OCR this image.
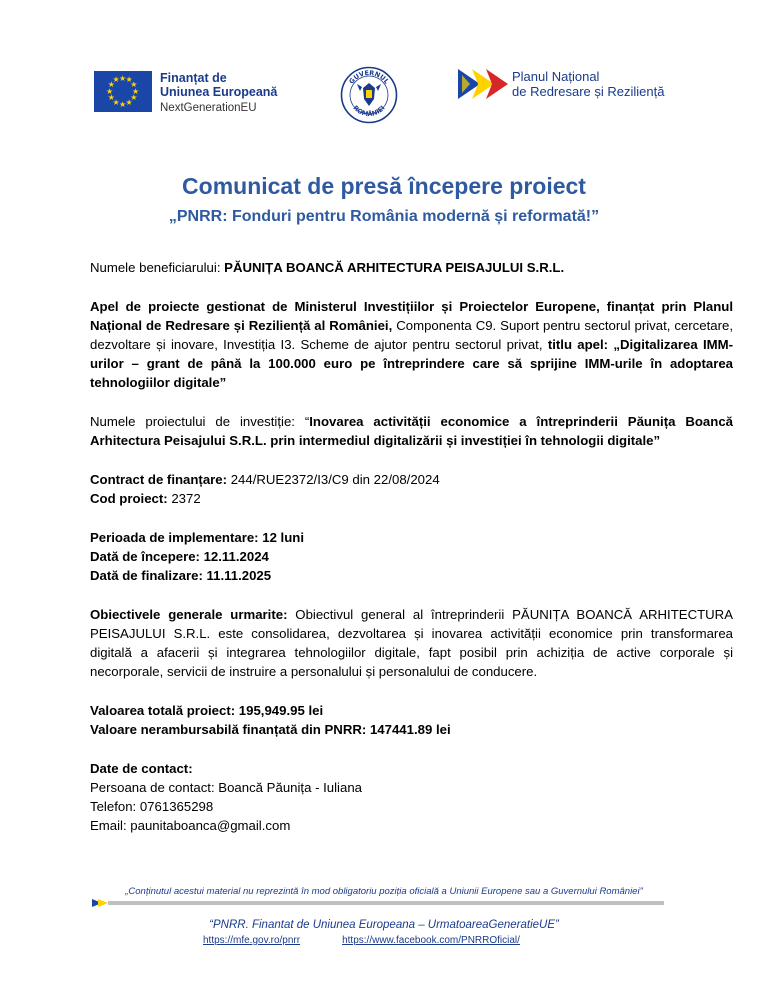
★ ★
★
★
★
★
★
★
★
★
★
★	Finanțat de
Uniunea Europeană
NextGenerationEU
GUVERNUL
ROMÂNIEI
Planul Național
de Redresare și Reziliență
Comunicat de presă începere proiect
„PNRR: Fonduri pentru România modernă și reformată!”

Numele beneficiarului: PĂUNIȚA BOANCĂ ARHITECTURA PEISAJULUI S.R.L.

Apel de proiecte gestionat de Ministerul Investițiilor și Proiectelor Europene, finanțat prin Planul Național de Redresare și Reziliență al României, Componenta C9. Suport pentru sectorul privat, cercetare, dezvoltare și inovare, Investiția I3. Scheme de ajutor pentru sectorul privat, titlu apel: „Digitalizarea IMM-urilor – grant de până la 100.000 euro pe întreprindere care să sprijine IMM-urile în adoptarea tehnologiilor digitale”

Numele proiectului de investiție: “Inovarea activității economice a întreprinderii Păunița Boancă Arhitectura Peisajului S.R.L. prin intermediul digitalizării și investiției în tehnologii digitale”

Contract de finanțare: 244/RUE2372/I3/C9 din 22/08/2024

Cod proiect: 2372

Perioada de implementare: 12 luni

Dată de începere: 12.11.2024

Dată de finalizare: 11.11.2025

Obiectivele generale urmarite: Obiectivul general al întreprinderii PĂUNIȚA BOANCĂ ARHITECTURA PEISAJULUI S.R.L. este consolidarea, dezvoltarea și inovarea activității economice prin transformarea digitală a afacerii și integrarea tehnologiilor digitale, fapt posibil prin achiziția de active corporale și necorporale, servicii de instruire a personalului și personalului de conducere.

Valoarea totală proiect: 195,949.95 lei

Valoare nerambursabilă finanțată din PNRR: 147441.89 lei

Date de contact:

Persoana de contact: Boancă Păunița - Iuliana

Telefon: 0761365298

Email: paunitaboanca@gmail.com

„Conținutul acestui material nu reprezintă în mod obligatoriu poziția oficială a Uniunii Europene sau a Guvernului României”
“PNRR. Finantat de Uniunea Europeana – UrmatoareaGeneratieUE”
https://mfe.gov.ro/pnrr	https://www.facebook.com/PNRROficial/
